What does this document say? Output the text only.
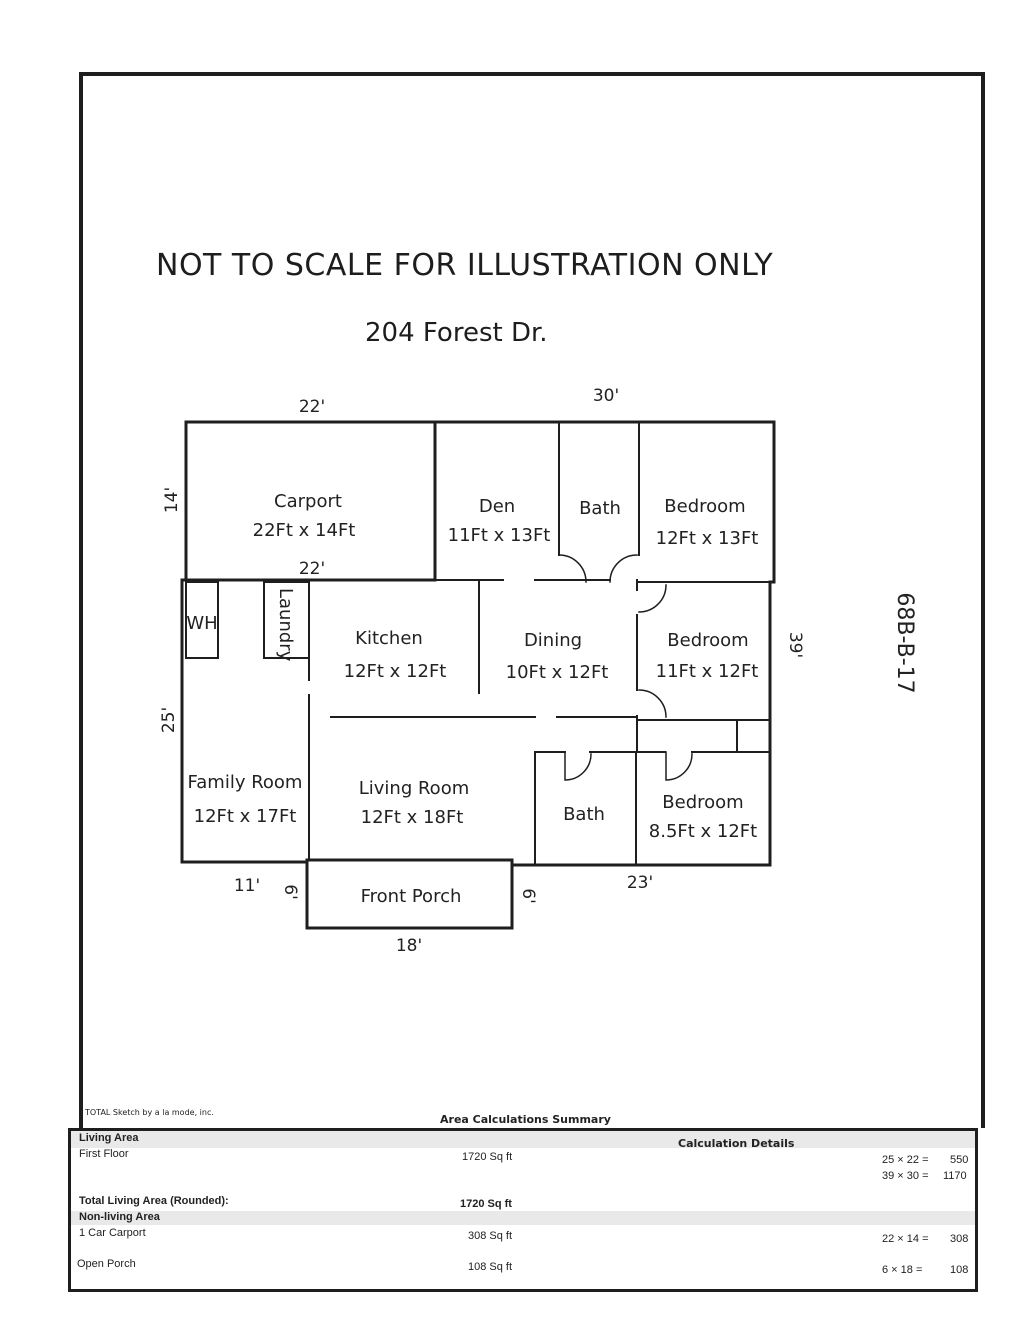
NOT TO SCALE FOR ILLUSTRATION ONLY
204 Forest Dr.
Carport
22Ft x 14Ft
Den
11Ft x 13Ft
Bath Bedroom
12Ft x 13Ft
WH
Kitchen
12Ft x 12Ft
Dining
10Ft x 12Ft
Bedroom
11Ft x 12Ft
Family Room
12Ft x 17Ft
Living Room
12Ft x 18Ft	Bath
Bedroom
8.5Ft x 12Ft
Front Porch
Laundry
22'
30'
22'
11'	23'
18'
14'
25'
39'
6'	6'
68B-B-17
TOTAL Sketch by a la mode, inc.
Area Calculations Summary
Calculation Details
Living Area
First Floor	1720 Sq ft	25 × 22 = 550
39 × 30 = 1170
Total Living Area (Rounded):	1720 Sq ft
Non-living Area
1 Car Carport	308 Sq ft	22 × 14 = 308
Open Porch	108 Sq ft	6 × 18 =	108
